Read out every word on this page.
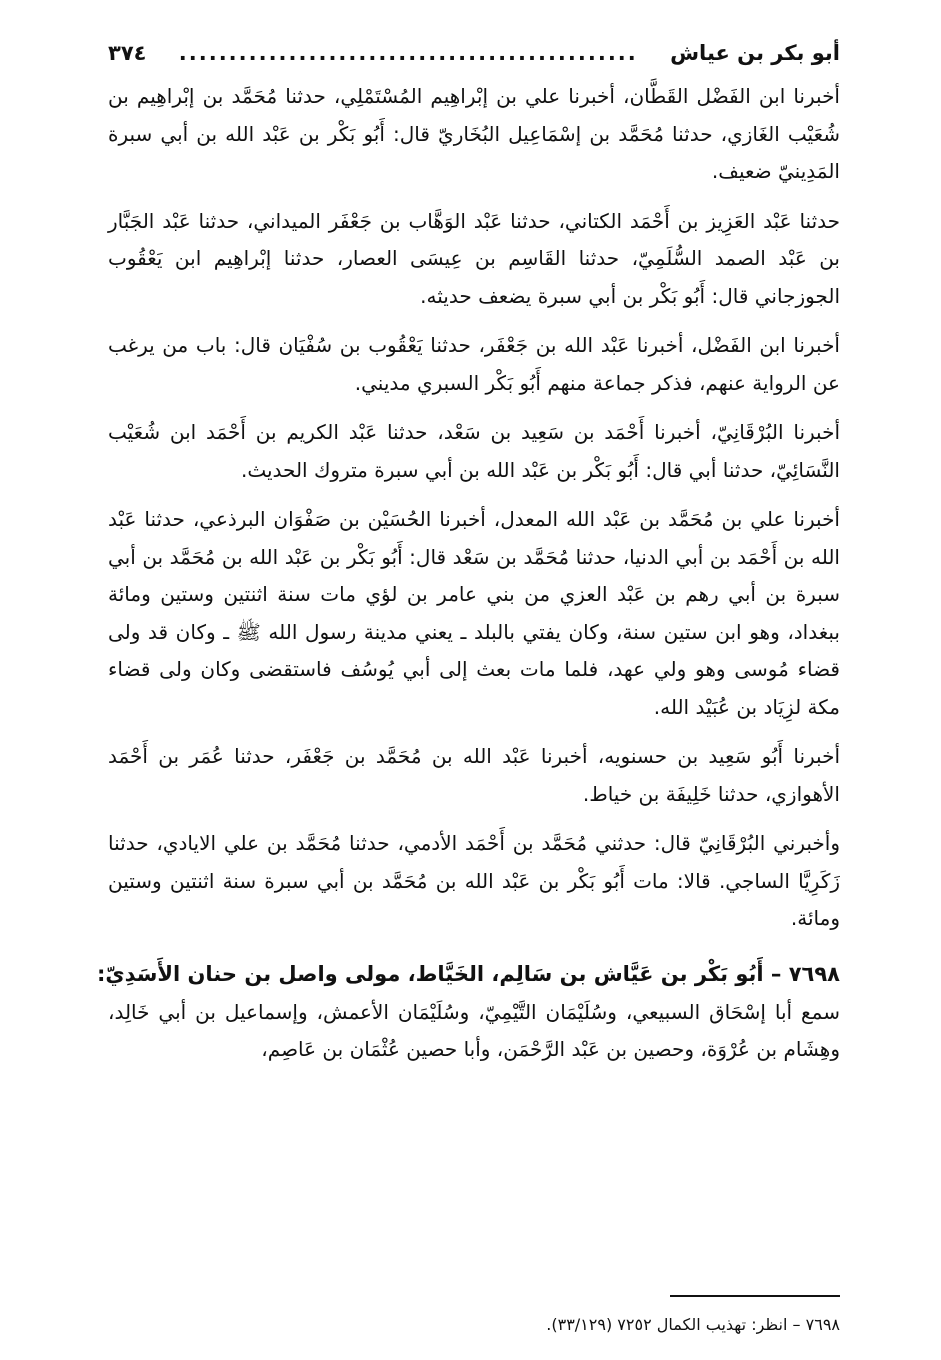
أبو بكر بن عياش
..............................................
٣٧٤

أخبرنا ابن الفَضْل القَطَّان، أخبرنا علي بن إبْراهِيم المُسْتَمْلِي، حدثنا مُحَمَّد بن إبْراهِيم بن شُعَيْب الغَازي، حدثنا مُحَمَّد بن إسْمَاعِيل البُخَاريّ قال: أَبُو بَكْر بن عَبْد الله بن أبي سبرة المَدِينيّ ضعيف.

حدثنا عَبْد العَزِيز بن أَحْمَد الكتاني، حدثنا عَبْد الوَهَّاب بن جَعْفَر الميداني، حدثنا عَبْد الجَبَّار بن عَبْد الصمد السُّلَمِيّ، حدثنا القَاسِم بن عِيسَى العصار، حدثنا إبْراهِيم ابن يَعْقُوب الجوزجاني قال: أَبُو بَكْر بن أبي سبرة يضعف حديثه.

أخبرنا ابن الفَضْل، أخبرنا عَبْد الله بن جَعْفَر، حدثنا يَعْقُوب بن سُفْيَان قال: باب من يرغب عن الرواية عنهم، فذكر جماعة منهم أَبُو بَكْر السبري مديني.

أخبرنا البُرْقَانِيّ، أخبرنا أَحْمَد بن سَعِيد بن سَعْد، حدثنا عَبْد الكريم بن أَحْمَد ابن شُعَيْب النَّسَائِيّ، حدثنا أبي قال: أَبُو بَكْر بن عَبْد الله بن أبي سبرة متروك الحديث.

أخبرنا علي بن مُحَمَّد بن عَبْد الله المعدل، أخبرنا الحُسَيْن بن صَفْوَان البرذعي، حدثنا عَبْد الله بن أَحْمَد بن أبي الدنيا، حدثنا مُحَمَّد بن سَعْد قال: أَبُو بَكْر بن عَبْد الله بن مُحَمَّد بن أبي سبرة بن أبي رهم بن عَبْد العزي من بني عامر بن لؤي مات سنة اثنتين وستين ومائة ببغداد، وهو ابن ستين سنة، وكان يفتي بالبلد ـ يعني مدينة رسول الله ﷺ ـ وكان قد ولى قضاء مُوسى وهو ولي عهد، فلما مات بعث إلى أبي يُوسُف فاستقضى وكان ولى قضاء مكة لزِيَاد بن عُبَيْد الله.

أخبرنا أَبُو سَعِيد بن حسنويه، أخبرنا عَبْد الله بن مُحَمَّد بن جَعْفَر، حدثنا عُمَر بن أَحْمَد الأهوازي، حدثنا خَلِيفَة بن خياط.

وأخبرني البُرْقَانِيّ قال: حدثني مُحَمَّد بن أَحْمَد الأدمي، حدثنا مُحَمَّد بن علي الايادي، حدثنا زَكَرِيَّا الساجي. قالا: مات أَبُو بَكْر بن عَبْد الله بن مُحَمَّد بن أبي سبرة سنة اثنتين وستين ومائة.

٧٦٩٨ – أَبُو بَكْر بن عَيَّاش بن سَالِم، الخَيَّاط، مولى واصل بن حنان الأَسَدِيّ:

سمع أبا إسْحَاق السبيعي، وسُلَيْمَان التَّيْمِيّ، وسُلَيْمَان الأعمش، وإسماعيل بن أبي خَالِد، وهِشَام بن عُرْوَة، وحصين بن عَبْد الرَّحْمَن، وأبا حصين عُثْمَان بن عَاصِم،

٧٦٩٨ – انظر: تهذيب الكمال ٧٢٥٢ (٣٣/١٢٩).
